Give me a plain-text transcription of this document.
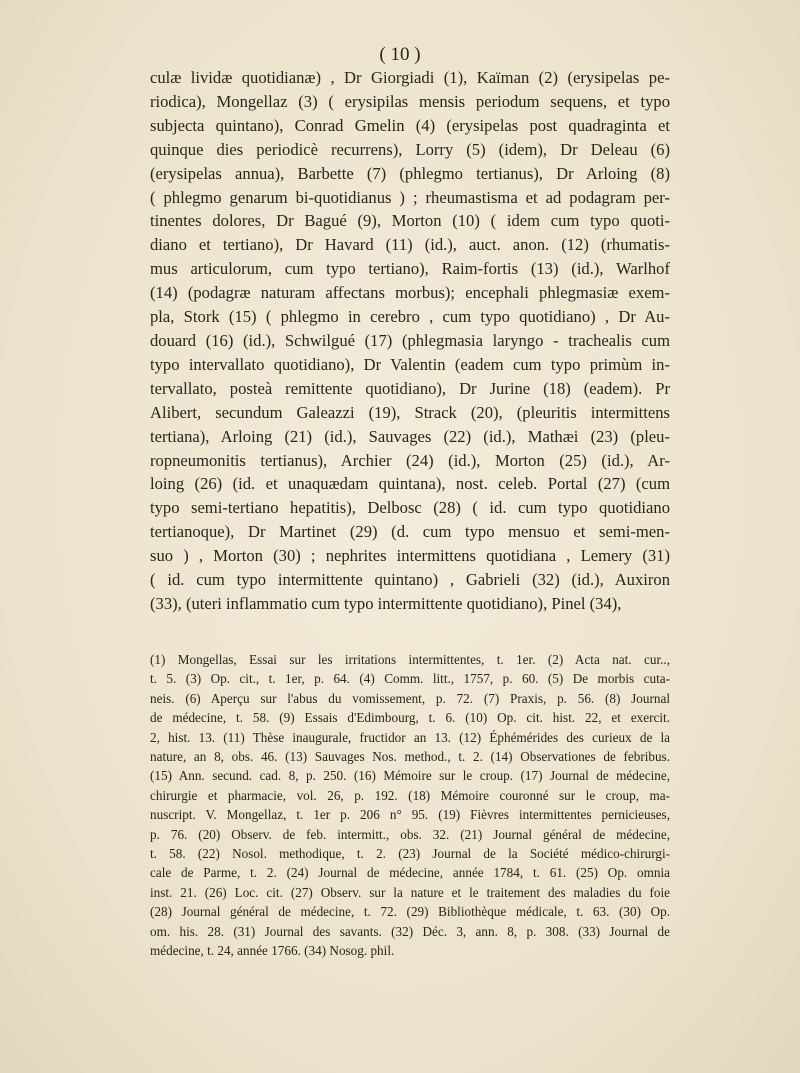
( 10 )
culæ lividæ quotidianæ) , Dr Giorgiadi (1), Kaïman (2) (erysipelas pe-
riodica), Mongellaz (3) ( erysipilas mensis periodum sequens, et typo
subjecta quintano), Conrad Gmelin (4) (erysipelas post quadraginta et
quinque dies periodicè recurrens), Lorry (5) (idem), Dr Deleau (6)
(erysipelas annua), Barbette (7) (phlegmo tertianus), Dr Arloing (8)
( phlegmo genarum bi-quotidianus ) ; rheumastisma et ad podagram per-
tinentes dolores, Dr Bagué (9), Morton (10) ( idem cum typo quoti-
diano et tertiano), Dr Havard (11) (id.), auct. anon. (12) (rhumatis-
mus articulorum, cum typo tertiano), Raim-fortis (13) (id.), Warlhof
(14) (podagræ naturam affectans morbus); encephali phlegmasiæ exem-
pla, Stork (15) ( phlegmo in cerebro , cum typo quotidiano) , Dr Au-
douard (16) (id.), Schwilgué (17) (phlegmasia laryngo - trachealis cum
typo intervallato quotidiano), Dr Valentin (eadem cum typo primùm in-
tervallato, posteà remittente quotidiano), Dr Jurine (18) (eadem). Pr
Alibert, secundum Galeazzi (19), Strack (20), (pleuritis intermittens
tertiana), Arloing (21) (id.), Sauvages (22) (id.), Mathæi (23) (pleu-
ropneumonitis tertianus), Archier (24) (id.), Morton (25) (id.), Ar-
loing (26) (id. et unaquædam quintana), nost. celeb. Portal (27) (cum
typo semi-tertiano hepatitis), Delbosc (28) ( id. cum typo quotidiano
tertianoque), Dr Martinet (29) (d. cum typo mensuo et semi-men-
suo ) , Morton (30) ; nephrites intermittens quotidiana , Lemery (31)
( id. cum typo intermittente quintano) , Gabrieli (32) (id.), Auxiron
(33), (uteri inflammatio cum typo intermittente quotidiano), Pinel (34),
(1) Mongellas, Essai sur les irritations intermittentes, t. 1er. (2) Acta nat. cur..,
t. 5. (3) Op. cit., t. 1er, p. 64. (4) Comm. litt., 1757, p. 60. (5) De morbis cuta-
neis. (6) Aperçu sur l'abus du vomissement, p. 72. (7) Praxis, p. 56. (8) Journal
de médecine, t. 58. (9) Essais d'Edimbourg, t. 6. (10) Op. cit. hist. 22, et exercit.
2, hist. 13. (11) Thèse inaugurale, fructidor an 13. (12) Éphémérides des curieux de la
nature, an 8, obs. 46. (13) Sauvages Nos. method., t. 2. (14) Observationes de febribus.
(15) Ann. secund. cad. 8, p. 250. (16) Mémoire sur le croup. (17) Journal de médecine,
chirurgie et pharmacie, vol. 26, p. 192. (18) Mémoire couronné sur le croup, ma-
nuscript. V. Mongellaz, t. 1er p. 206 n° 95. (19) Fièvres intermittentes pernicieuses,
p. 76. (20) Observ. de feb. intermitt., obs. 32. (21) Journal général de médecine,
t. 58. (22) Nosol. methodique, t. 2. (23) Journal de la Société médico-chirurgi-
cale de Parme, t. 2. (24) Journal de médecine, année 1784, t. 61. (25) Op. omnia
inst. 21. (26) Loc. cit. (27) Observ. sur la nature et le traitement des maladies du foie
(28) Journal général de médecine, t. 72. (29) Bibliothèque médicale, t. 63. (30) Op.
om. his. 28. (31) Journal des savants. (32) Déc. 3, ann. 8, p. 308. (33) Journal de
médecine, t. 24, année 1766. (34) Nosog. phil.
